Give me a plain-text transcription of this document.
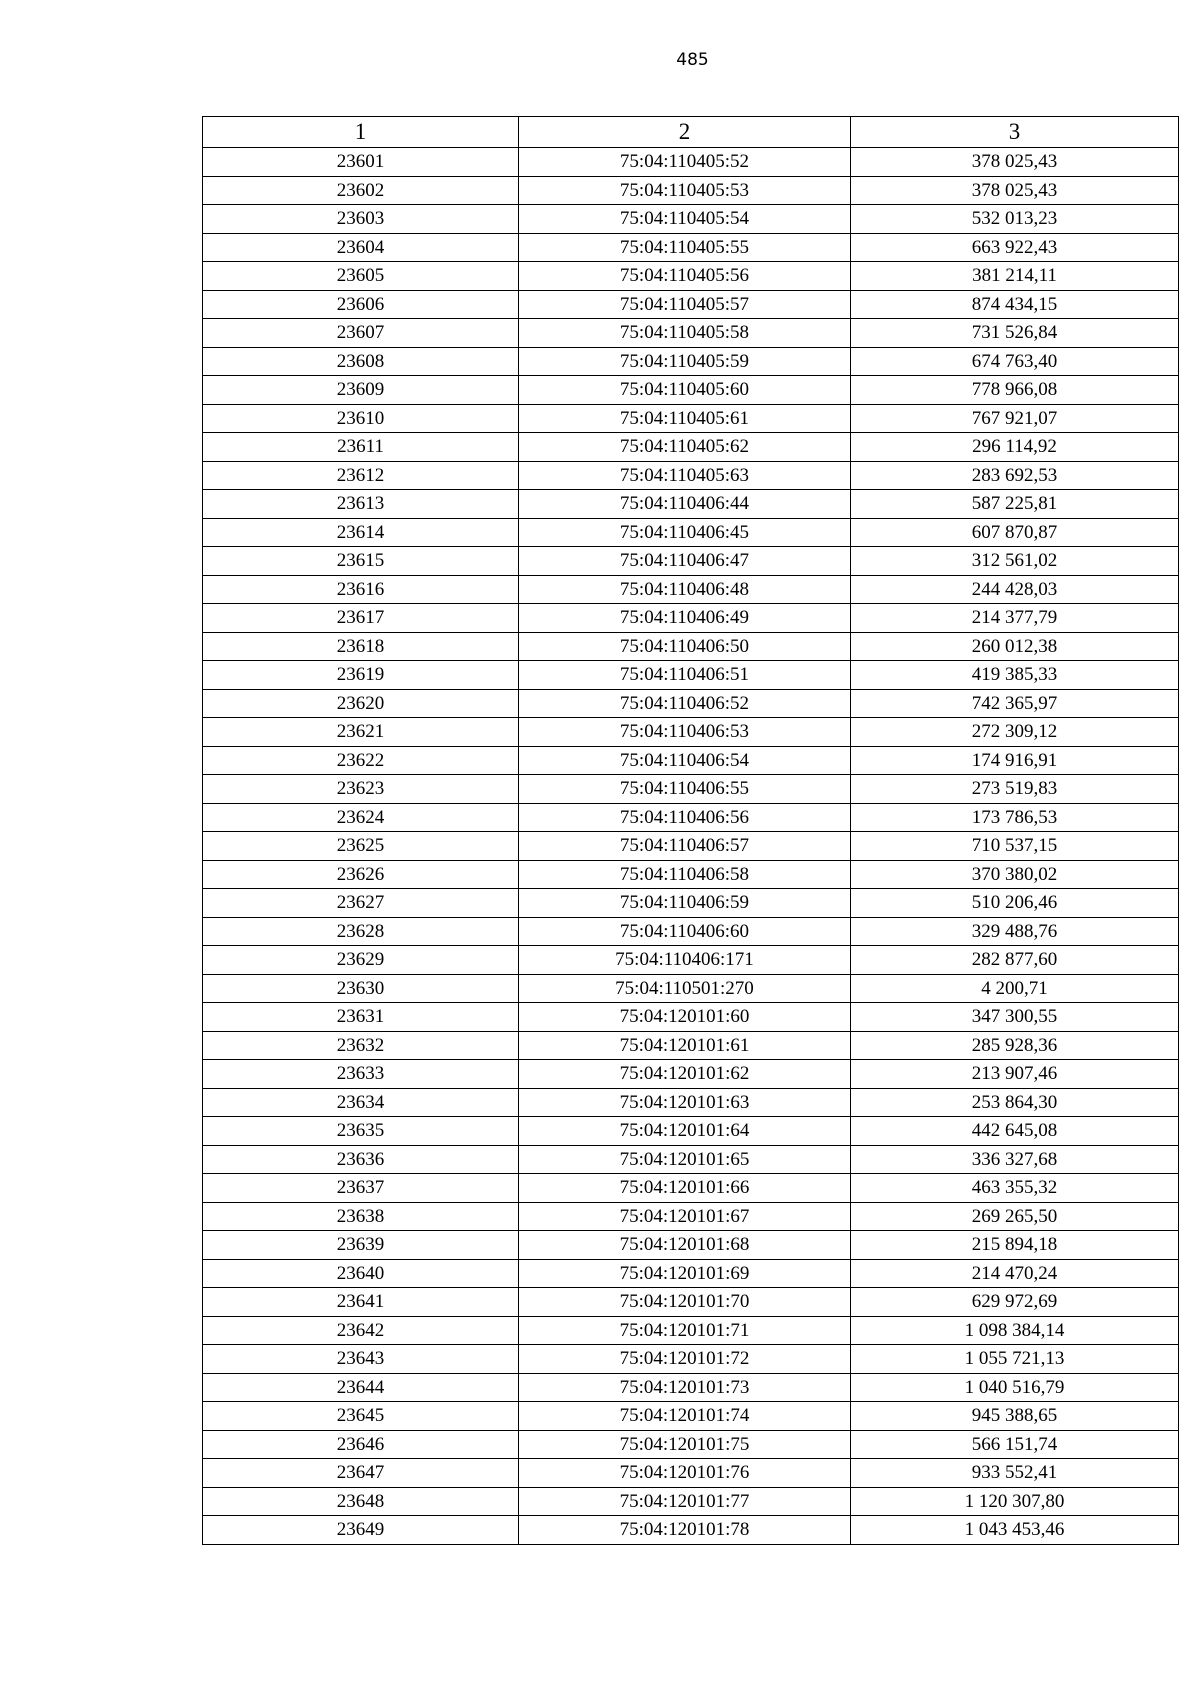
485
1	2	3
23601	75:04:110405:52	378 025,43
23602	75:04:110405:53	378 025,43
23603	75:04:110405:54	532 013,23
23604	75:04:110405:55	663 922,43
23605	75:04:110405:56	381 214,11
23606	75:04:110405:57	874 434,15
23607	75:04:110405:58	731 526,84
23608	75:04:110405:59	674 763,40
23609	75:04:110405:60	778 966,08
23610	75:04:110405:61	767 921,07
23611	75:04:110405:62	296 114,92
23612	75:04:110405:63	283 692,53
23613	75:04:110406:44	587 225,81
23614	75:04:110406:45	607 870,87
23615	75:04:110406:47	312 561,02
23616	75:04:110406:48	244 428,03
23617	75:04:110406:49	214 377,79
23618	75:04:110406:50	260 012,38
23619	75:04:110406:51	419 385,33
23620	75:04:110406:52	742 365,97
23621	75:04:110406:53	272 309,12
23622	75:04:110406:54	174 916,91
23623	75:04:110406:55	273 519,83
23624	75:04:110406:56	173 786,53
23625	75:04:110406:57	710 537,15
23626	75:04:110406:58	370 380,02
23627	75:04:110406:59	510 206,46
23628	75:04:110406:60	329 488,76
23629	75:04:110406:171	282 877,60
23630	75:04:110501:270	4 200,71
23631	75:04:120101:60	347 300,55
23632	75:04:120101:61	285 928,36
23633	75:04:120101:62	213 907,46
23634	75:04:120101:63	253 864,30
23635	75:04:120101:64	442 645,08
23636	75:04:120101:65	336 327,68
23637	75:04:120101:66	463 355,32
23638	75:04:120101:67	269 265,50
23639	75:04:120101:68	215 894,18
23640	75:04:120101:69	214 470,24
23641	75:04:120101:70	629 972,69
23642	75:04:120101:71	1 098 384,14
23643	75:04:120101:72	1 055 721,13
23644	75:04:120101:73	1 040 516,79
23645	75:04:120101:74	945 388,65
23646	75:04:120101:75	566 151,74
23647	75:04:120101:76	933 552,41
23648	75:04:120101:77	1 120 307,80
23649	75:04:120101:78	1 043 453,46
